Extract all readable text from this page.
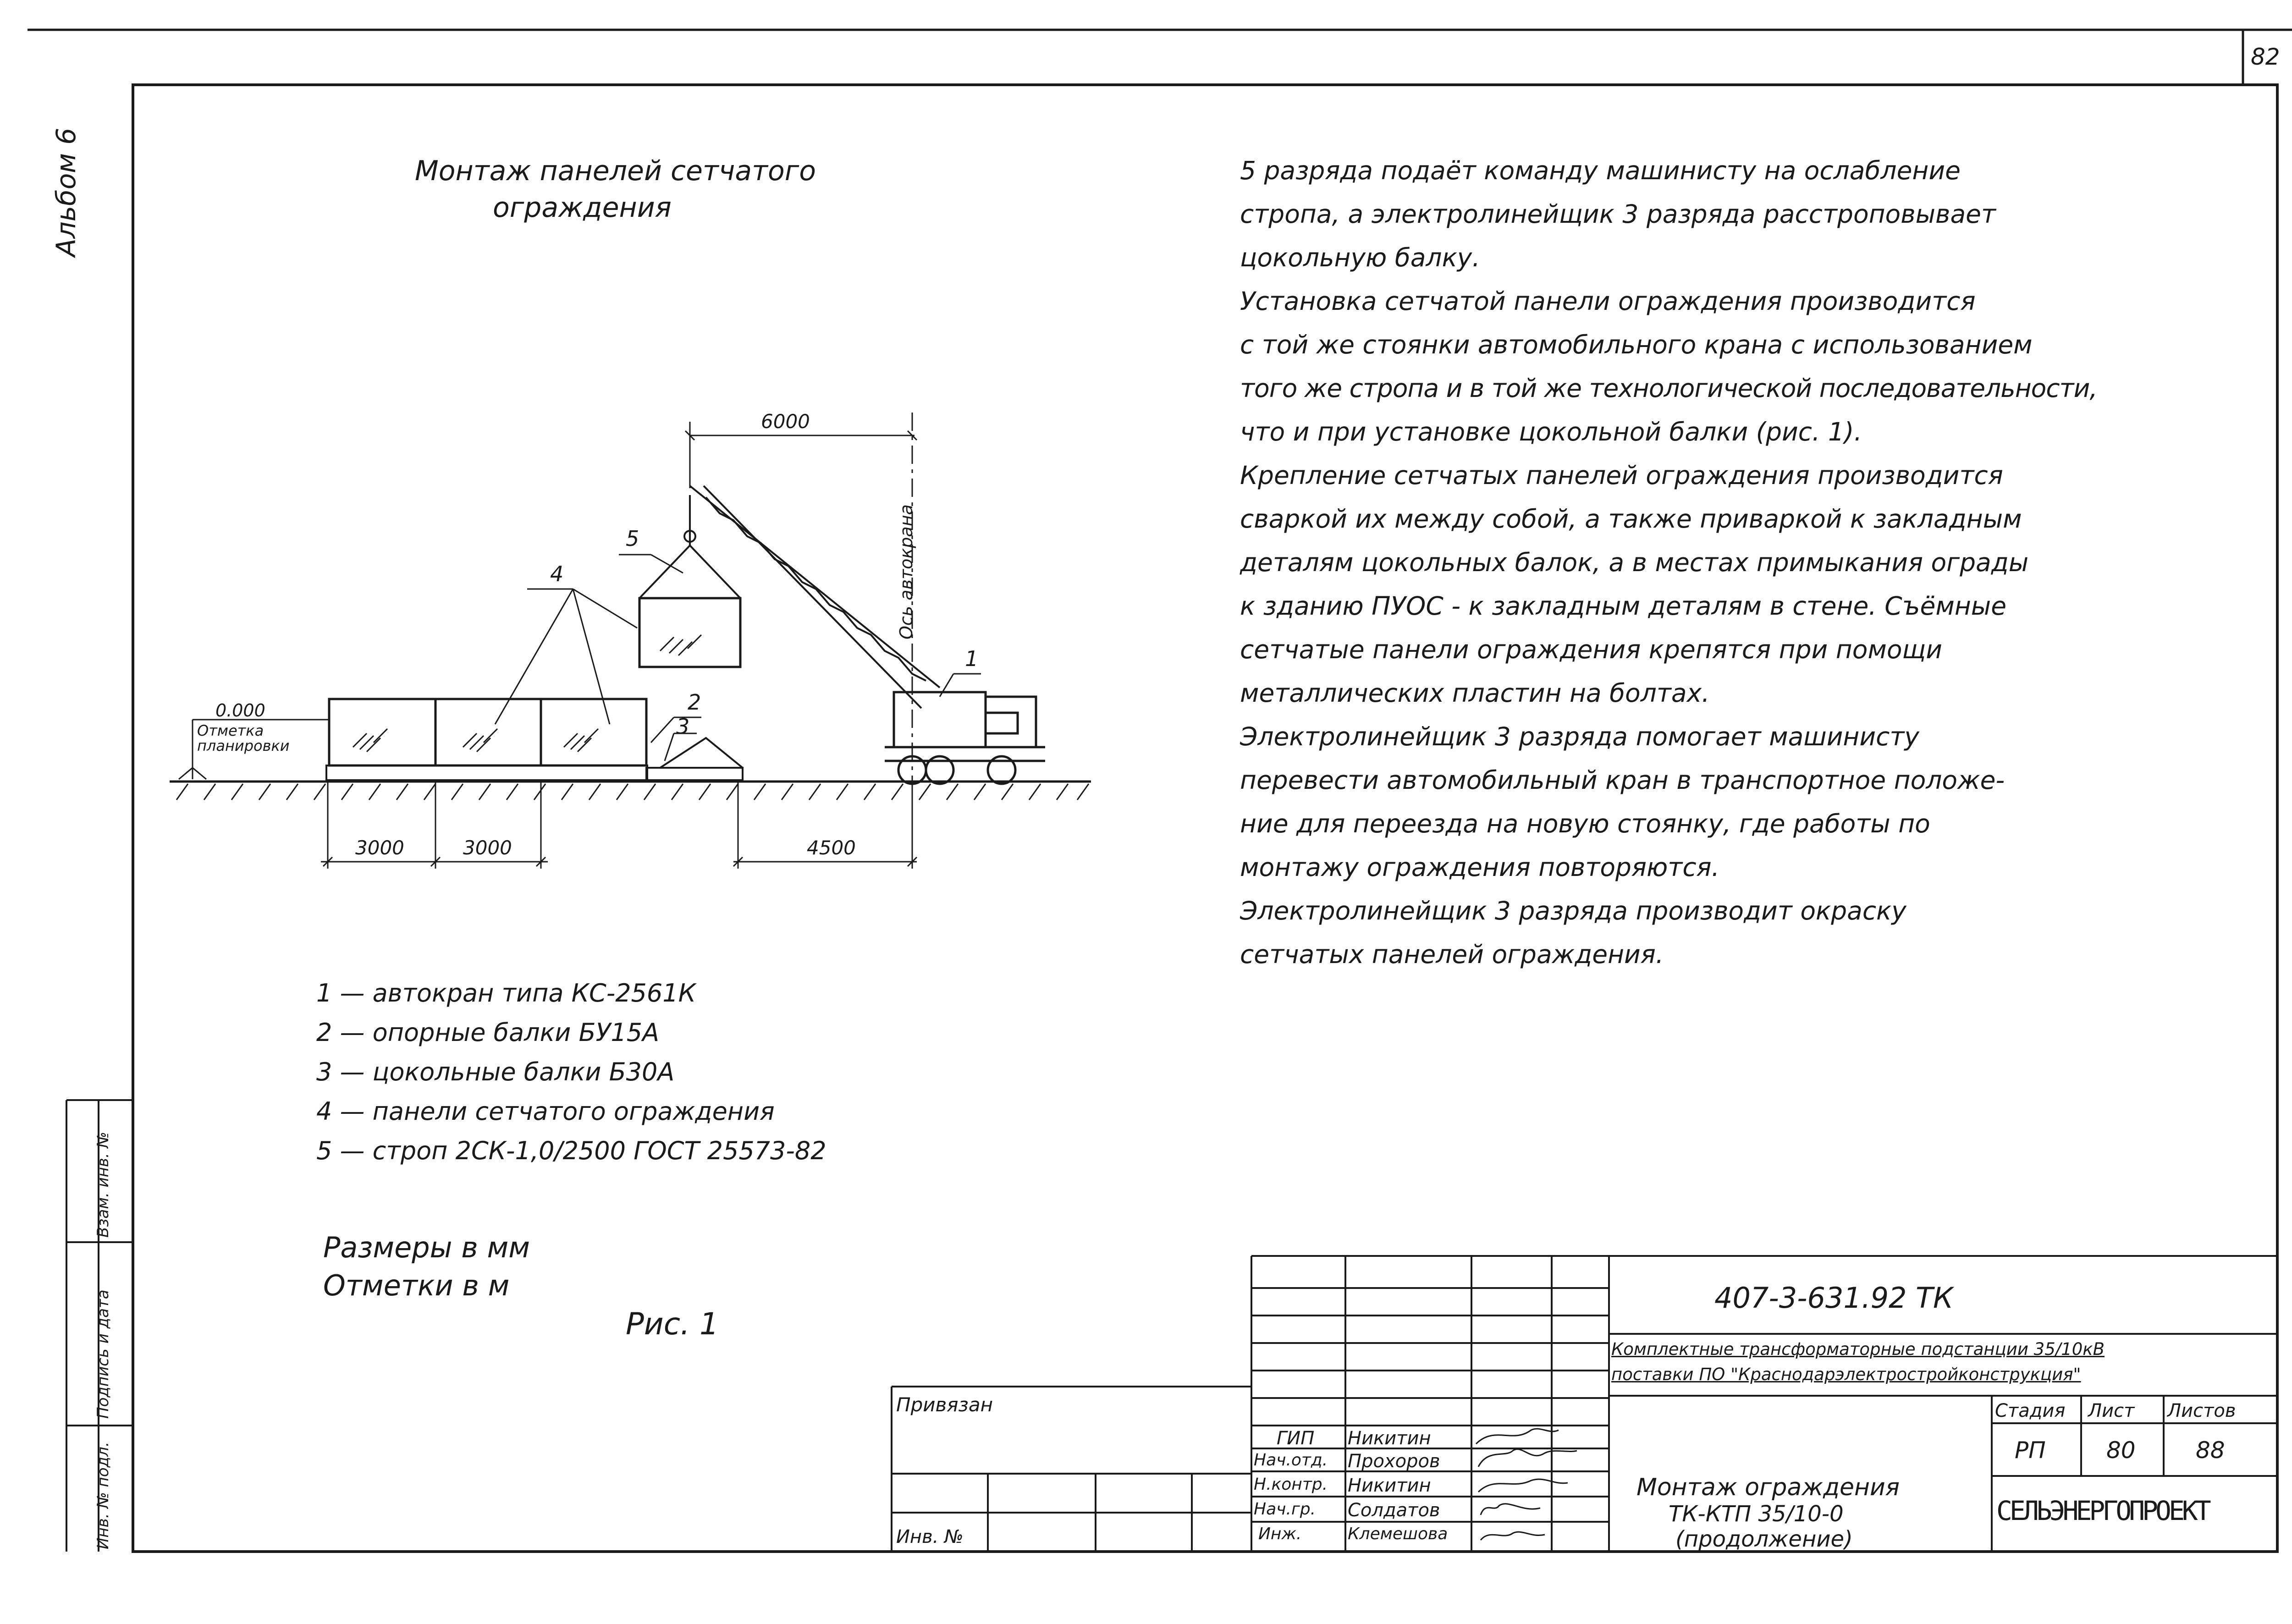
82
Альбом 6
Взам. инв. №
Подпись и дата
Инв. № подл.
Монтаж панелей сетчатого
ограждения
6000
3000	3000	4500
Ось автокрана
0.000
Отметка
планировки
1
2
3
4
5
1 — автокран типа КС-2561К
2 — опорные балки БУ15А
3 — цокольные балки Б30А
4 — панели сетчатого ограждения
5 — строп 2СК-1,0/2500 ГОСТ 25573-82
Размеры в мм
Отметки в м
Рис. 1
5 разряда подаёт команду машинисту на ослабление
стропа, а электролинейщик 3 разряда расстроповывает
цокольную балку.
Установка сетчатой панели ограждения производится
с той же стоянки автомобильного крана с использованием
того же стропа и в той же технологической последовательности,
что и при установке цокольной балки (рис. 1).
Крепление сетчатых панелей ограждения производится
сваркой их между собой, а также приваркой к закладным
деталям цокольных балок, а в местах примыкания ограды
к зданию ПУОС - к закладным деталям в стене. Съёмные
сетчатые панели ограждения крепятся при помощи
металлических пластин на болтах.
Электролинейщик 3 разряда помогает машинисту
перевести автомобильный кран в транспортное положе-
ние для переезда на новую стоянку, где работы по
монтажу ограждения повторяются.
Электролинейщик 3 разряда производит окраску
сетчатых панелей ограждения.
407-3-631.92 ТК
Комплектные трансформаторные подстанции 35/10кВ
поставки ПО "Краснодарэлектростройконструкция"
Привязан
Инв. №
ГИП Никитин
Нач.отд. Прохоров
Н.контр. Никитин
Нач.гр. Солдатов
Инж.	Клемешова
Стадия Лист Листов
РП	80	88
Монтаж ограждения
ТК-КТП 35/10-0
(продолжение)
СЕЛЬЭНЕРГОПРОЕКТ
